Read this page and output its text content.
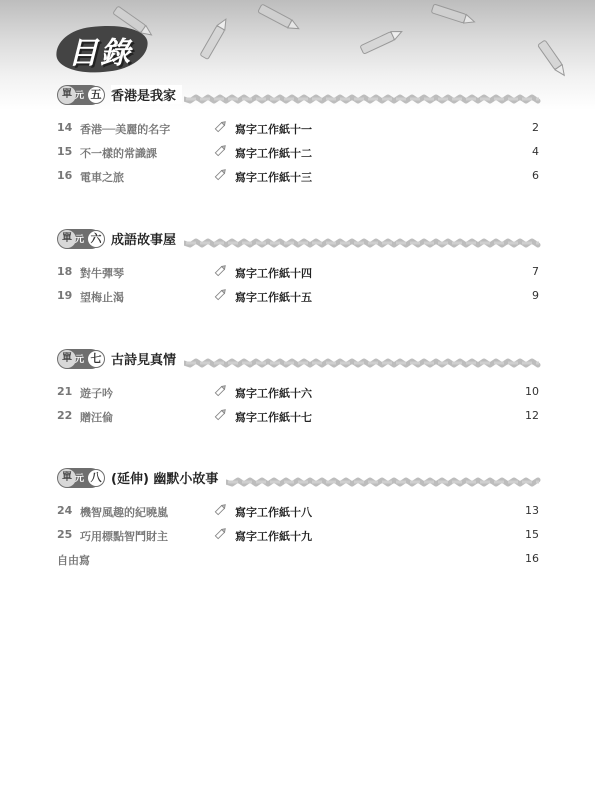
目錄
單 元 五 香港是我家
14 香港──美麗的名字	寫字工作紙十一	2
15 不一樣的常識課	寫字工作紙十二	4
16 電車之旅	寫字工作紙十三	6
單 元 六 成語故事屋
18 對牛彈琴	寫字工作紙十四	7
19 望梅止渴	寫字工作紙十五	9
單 元 七 古詩見真情
21 遊子吟	寫字工作紙十六	10
22 贈汪倫	寫字工作紙十七	12
單 元 八 (延伸) 幽默小故事
24 機智風趣的紀曉嵐	寫字工作紙十八	13
25 巧用標點智鬥財主	寫字工作紙十九	15
自由寫	16
